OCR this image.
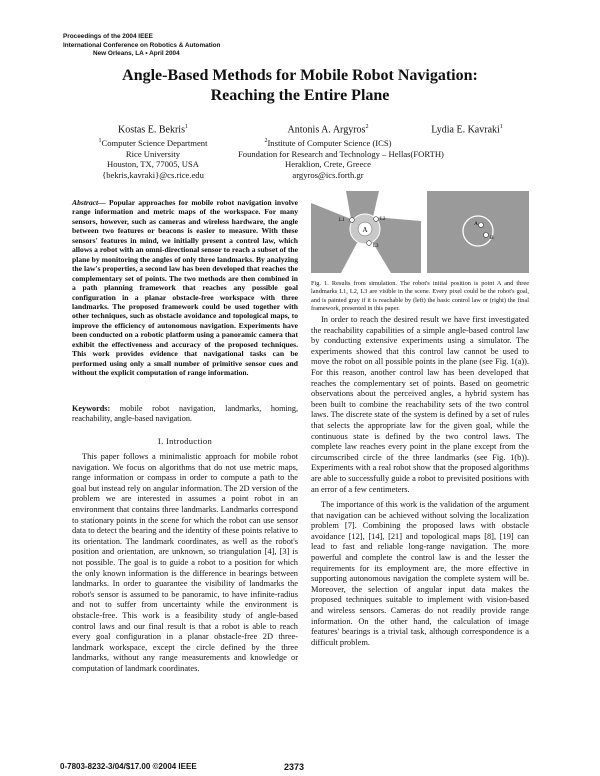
Proceedings of the 2004 IEEE
International Conference on Robotics & Automation
New Orleans, LA • April 2004
Angle-Based Methods for Mobile Robot Navigation:
Reaching the Entire Plane
Kostas E. Bekris$^1$
$^1$Computer Science Department
Rice University
Houston, TX, 77005, USA
{bekris,kavraki}@cs.rice.edu
Antonis A. Argyros$^2$
$^2$Institute of Computer Science (ICS)
Foundation for Research and Technology – Hellas(FORTH)
Heraklion, Crete, Greece
argyros@ics.forth.gr
Lydia E. Kavraki$^1$
Abstract— Popular approaches for mobile robot navigation involve range information and metric maps of the workspace. For many sensors, however, such as cameras and wireless hardware, the angle between two features or beacons is easier to measure. With these sensors' features in mind, we initially present a control law, which allows a robot with an omni-directional sensor to reach a subset of the plane by monitoring the angles of only three landmarks. By analyzing the law's properties, a second law has been developed that reaches the complementary set of points. The two methods are then combined in a path planning framework that reaches any possible goal configuration in a planar obstacle-free workspace with three landmarks. The proposed framework could be used together with other techniques, such as obstacle avoidance and topological maps, to improve the efficiency of autonomous navigation. Experiments have been conducted on a robotic platform using a panoramic camera that exhibit the effectiveness and accuracy of the proposed techniques. This work provides evidence that navigational tasks can be performed using only a small number of primitive sensor cues and without the explicit computation of range information.
Keywords: mobile robot navigation, landmarks, homing, reachability, angle-based navigation.
I. Introduction

This paper follows a minimalistic approach for mobile robot navigation. We focus on algorithms that do not use metric maps, range information or compass in order to compute a path to the goal but instead rely on angular information. The 2D version of the problem we are interested in assumes a point robot in an environment that contains three landmarks. Landmarks correspond to stationary points in the scene for which the robot can use sensor data to detect the bearing and the identity of these points relative to its orientation. The landmark coordinates, as well as the robot's position and orientation, are unknown, so triangulation [4], [3] is not possible. The goal is to guide a robot to a position for which the only known information is the difference in bearings between landmarks. In order to guarantee the visibility of landmarks the robot's sensor is assumed to be panoramic, to have infinite-radius and not to suffer from uncertainty while the environment is obstacle-free. This work is a feasibility study of angle-based control laws and our final result is that a robot is able to reach every goal configuration in a planar obstacle-free 2D three-landmark workspace, except the circle defined by the three landmarks, without any range measurements and knowledge or computation of landmark coordinates.

A
L1	L2
L3
A
B
Fig. 1. Results from simulation. The robot's initial position is point A and three landmarks L1, L2, L3 are visible in the scene. Every pixel could be the robot's goal, and is painted gray if it is reachable by (left) the basic control law or (right) the final framework, presented in this paper.

In order to reach the desired result we have first investigated the reachability capabilities of a simple angle-based control law by conducting extensive experiments using a simulator. The experiments showed that this control law cannot be used to move the robot on all possible points in the plane (see Fig. 1(a)). For this reason, another control law has been developed that reaches the complementary set of points. Based on geometric observations about the perceived angles, a hybrid system has been built to combine the reachability sets of the two control laws. The discrete state of the system is defined by a set of rules that selects the appropriate law for the given goal, while the continuous state is defined by the two control laws. The complete law reaches every point in the plane except from the circumscribed circle of the three landmarks (see Fig. 1(b)). Experiments with a real robot show that the proposed algorithms are able to successfully guide a robot to previsited positions with an error of a few centimeters.

The importance of this work is the validation of the argument that navigation can be achieved without solving the localization problem [7]. Combining the proposed laws with obstacle avoidance [12], [14], [21] and topological maps [8], [19] can lead to fast and reliable long-range navigation. The more powerful and complete the control law is and the lesser the requirements for its employment are, the more effective in supporting autonomous navigation the complete system will be. Moreover, the selection of angular input data makes the proposed techniques suitable to implement with vision-based and wireless sensors. Cameras do not readily provide range information. On the other hand, the calculation of image features' bearings is a trivial task, although correspondence is a difficult problem.

0-7803-8232-3/04/$17.00 ©2004 IEEE	2373
